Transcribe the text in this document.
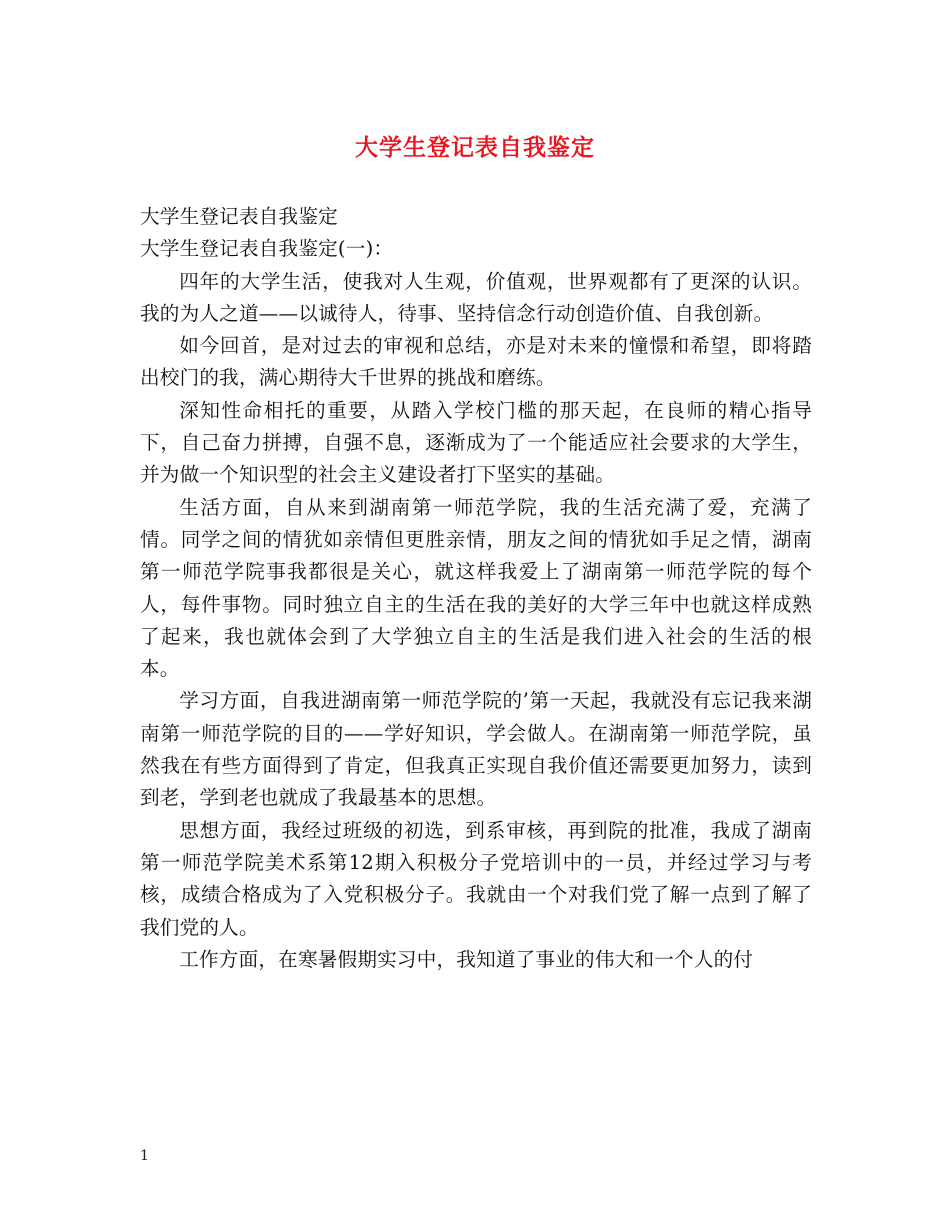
大学生登记表自我鉴定

大学生登记表自我鉴定

大学生登记表自我鉴定(一)：

四年的大学生活，使我对人生观，价值观，世界观都有了更深的认识。我的为人之道——以诚待人，待事、坚持信念行动创造价值、自我创新。

如今回首，是对过去的审视和总结，亦是对未来的憧憬和希望，即将踏出校门的我，满心期待大千世界的挑战和磨练。

深知性命相托的重要，从踏入学校门槛的那天起，在良师的精心指导下，自己奋力拼搏，自强不息，逐渐成为了一个能适应社会要求的大学生，并为做一个知识型的社会主义建设者打下坚实的基础。

生活方面，自从来到湖南第一师范学院，我的生活充满了爱，充满了情。同学之间的情犹如亲情但更胜亲情，朋友之间的情犹如手足之情，湖南第一师范学院事我都很是关心，就这样我爱上了湖南第一师范学院的每个人，每件事物。同时独立自主的生活在我的美好的大学三年中也就这样成熟了起来，我也就体会到了大学独立自主的生活是我们进入社会的生活的根本。

学习方面，自我进湖南第一师范学院的’第一天起，我就没有忘记我来湖南第一师范学院的目的——学好知识，学会做人。在湖南第一师范学院，虽然我在有些方面得到了肯定，但我真正实现自我价值还需要更加努力，读到到老，学到老也就成了我最基本的思想。

思想方面，我经过班级的初选，到系审核，再到院的批准，我成了湖南第一师范学院美术系第12期入积极分子党培训中的一员，并经过学习与考核，成绩合格成为了入党积极分子。我就由一个对我们党了解一点到了解了我们党的人。

工作方面，在寒暑假期实习中，我知道了事业的伟大和一个人的付

1
